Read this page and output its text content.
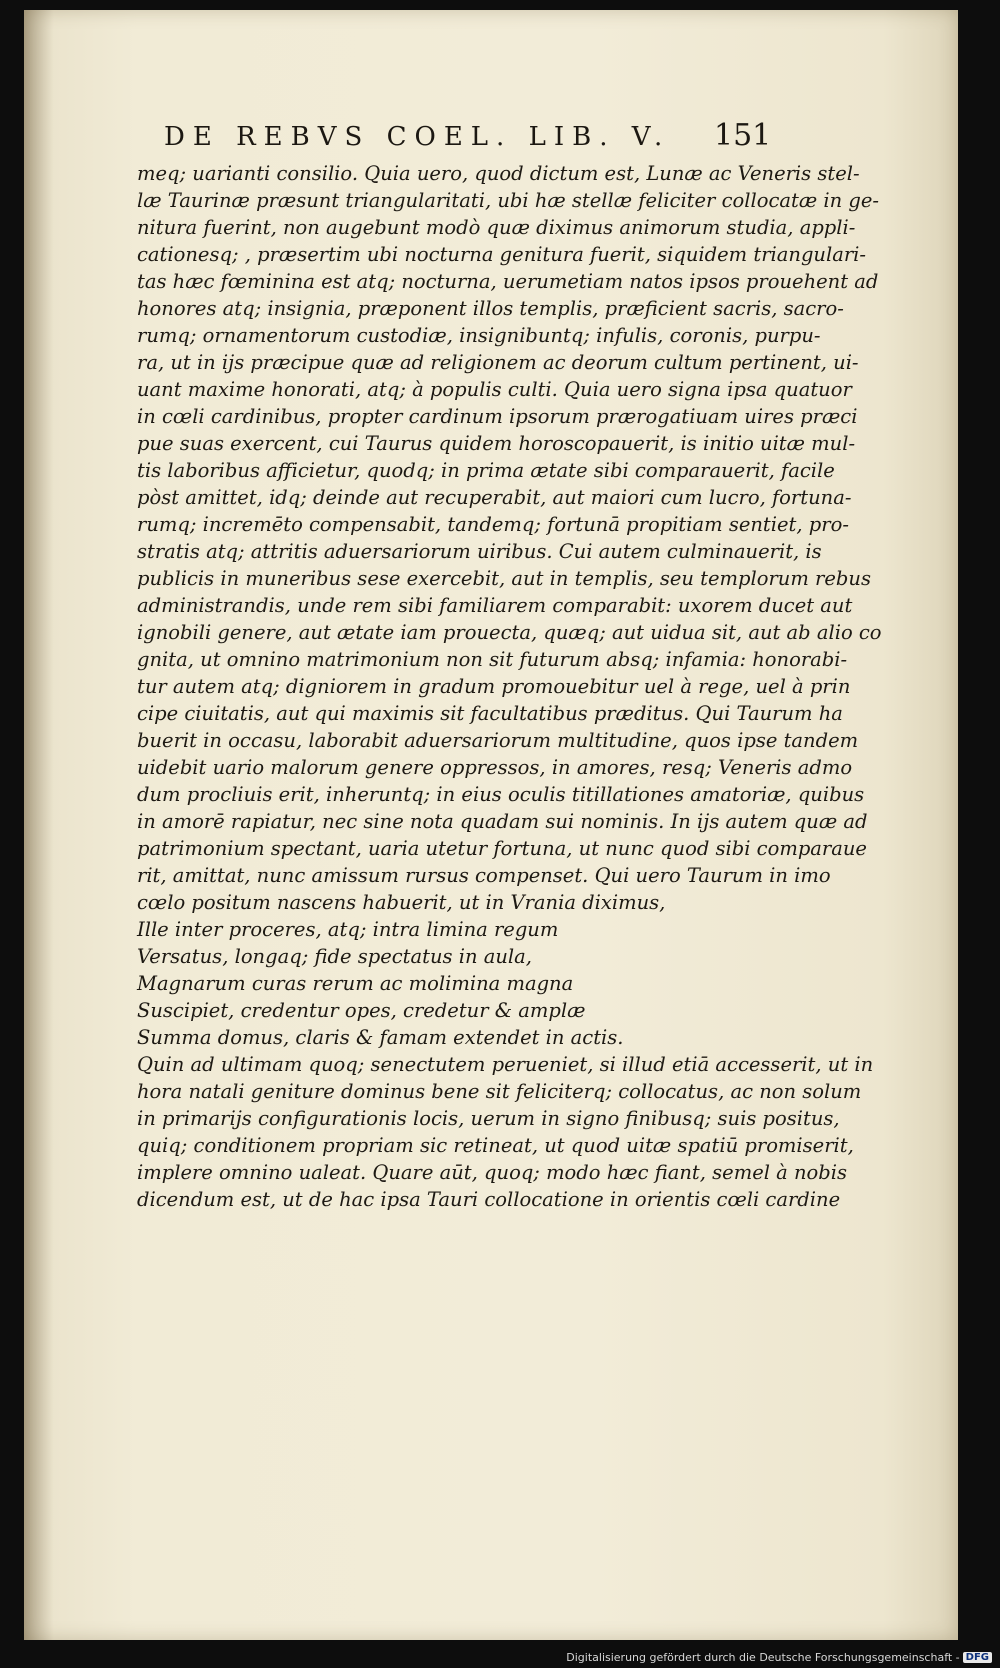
DE REBVS COEL. LIB. V.	151
meq; uarianti consilio. Quia uero, quod dictum est, Lunæ ac Veneris stel-
læ Taurinæ præsunt triangularitati, ubi hæ stellæ feliciter collocatæ in ge-
nitura fuerint, non augebunt modò quæ diximus animorum studia, appli-
cationesq; , præsertim ubi nocturna genitura fuerit, siquidem triangulari-
tas hæc fœminina est atq; nocturna, uerumetiam natos ipsos prouehent ad
honores atq; insignia, præponent illos templis, præficient sacris, sacro-
rumq; ornamentorum custodiæ, insignibuntq; infulis, coronis, purpu-
ra, ut in ijs præcipue quæ ad religionem ac deorum cultum pertinent, ui-
uant maxime honorati, atq; à populis culti. Quia uero signa ipsa quatuor
in cœli cardinibus, propter cardinum ipsorum prærogatiuam uires præci
pue suas exercent, cui Taurus quidem horoscopauerit, is initio uitæ mul-
tis laboribus afficietur, quodq; in prima ætate sibi comparauerit, facile
pòst amittet, idq; deinde aut recuperabit, aut maiori cum lucro, fortuna-
rumq; incremēto compensabit, tandemq; fortunā propitiam sentiet, pro-
stratis atq; attritis aduersariorum uiribus. Cui autem culminauerit, is
publicis in muneribus sese exercebit, aut in templis, seu templorum rebus
administrandis, unde rem sibi familiarem comparabit: uxorem ducet aut
ignobili genere, aut ætate iam prouecta, quæq; aut uidua sit, aut ab alio co
gnita, ut omnino matrimonium non sit futurum absq; infamia: honorabi-
tur autem atq; digniorem in gradum promouebitur uel à rege, uel à prin
cipe ciuitatis, aut qui maximis sit facultatibus præditus. Qui Taurum ha
buerit in occasu, laborabit aduersariorum multitudine, quos ipse tandem
uidebit uario malorum genere oppressos, in amores, resq; Veneris admo
dum procliuis erit, inheruntq; in eius oculis titillationes amatoriæ, quibus
in amorē rapiatur, nec sine nota quadam sui nominis. In ijs autem quæ ad
patrimonium spectant, uaria utetur fortuna, ut nunc quod sibi comparaue
rit, amittat, nunc amissum rursus compenset. Qui uero Taurum in imo
cœlo positum nascens habuerit, ut in Vrania diximus,
Ille inter proceres, atq; intra limina regum
Versatus, longaq; fide spectatus in aula,
Magnarum curas rerum ac molimina magna
Suscipiet, credentur opes, credetur & amplæ
Summa domus, claris & famam extendet in actis.
Quin ad ultimam quoq; senectutem perueniet, si illud etiā accesserit, ut in
hora natali geniture dominus bene sit feliciterq; collocatus, ac non solum
in primarijs configurationis locis, uerum in signo finibusq; suis positus,
quiq; conditionem propriam sic retineat, ut quod uitæ spatiū promiserit,
implere omnino ualeat. Quare aūt, quoq; modo hæc fiant, semel à nobis
dicendum est, ut de hac ipsa Tauri collocatione in orientis cœli cardine
Digitalisierung gefördert durch die Deutsche Forschungsgemeinschaft - DFG
